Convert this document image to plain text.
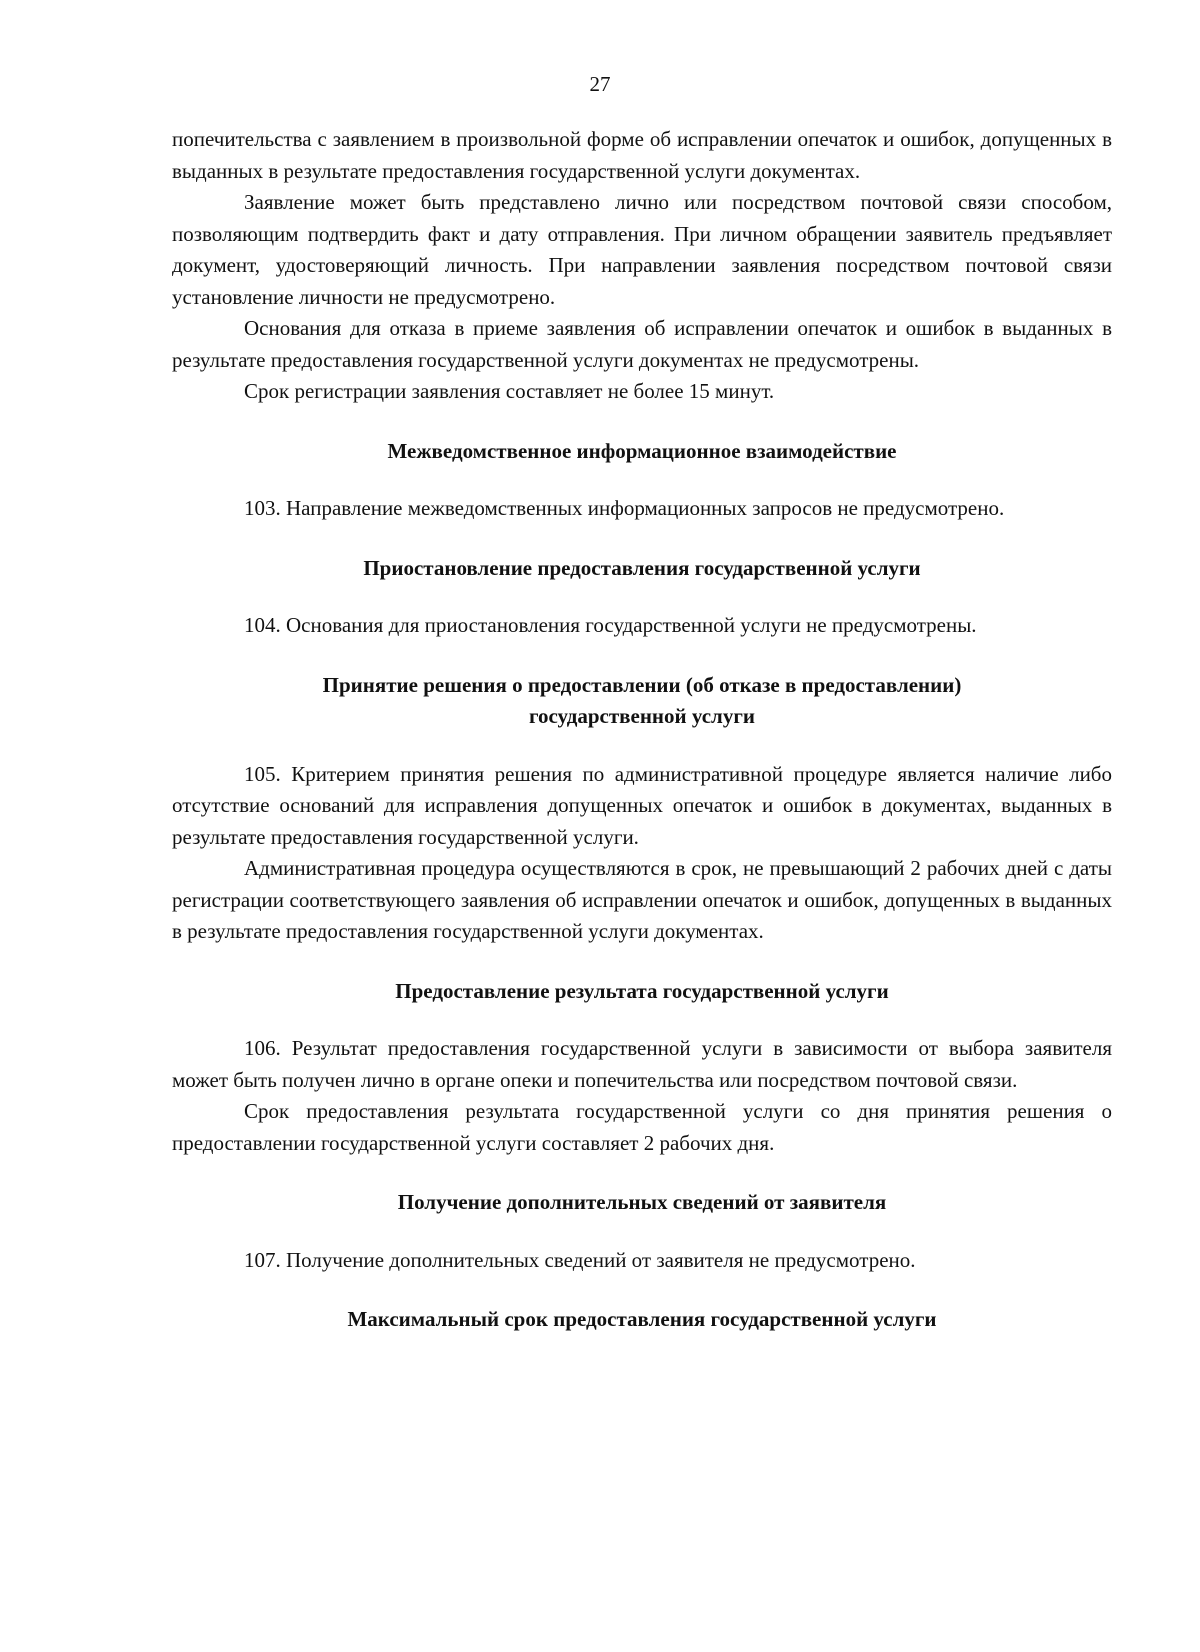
27

попечительства с заявлением в произвольной форме об исправлении опечаток и ошибок, допущенных в выданных в результате предоставления государственной услуги документах.

Заявление может быть представлено лично или посредством почтовой связи способом, позволяющим подтвердить факт и дату отправления. При личном обращении заявитель предъявляет документ, удостоверяющий личность. При направлении заявления посредством почтовой связи установление личности не предусмотрено.

Основания для отказа в приеме заявления об исправлении опечаток и ошибок в выданных в результате предоставления государственной услуги документах не предусмотрены.

Срок регистрации заявления составляет не более 15 минут.

Межведомственное информационное взаимодействие

103. Направление межведомственных информационных запросов не предусмотрено.

Приостановление предоставления государственной услуги

104. Основания для приостановления государственной услуги не предусмотрены.

Принятие решения о предоставлении (об отказе в предоставлении)
государственной услуги

105. Критерием принятия решения по административной процедуре является наличие либо отсутствие оснований для исправления допущенных опечаток и ошибок в документах, выданных в результате предоставления государственной услуги.

Административная процедура осуществляются в срок, не превышающий 2 рабочих дней с даты регистрации соответствующего заявления об исправлении опечаток и ошибок, допущенных в выданных в результате предоставления государственной услуги документах.

Предоставление результата государственной услуги

106. Результат предоставления государственной услуги в зависимости от выбора заявителя может быть получен лично в органе опеки и попечительства или посредством почтовой связи.

Срок предоставления результата государственной услуги со дня принятия решения о предоставлении государственной услуги составляет 2 рабочих дня.

Получение дополнительных сведений от заявителя

107. Получение дополнительных сведений от заявителя не предусмотрено.

Максимальный срок предоставления государственной услуги
